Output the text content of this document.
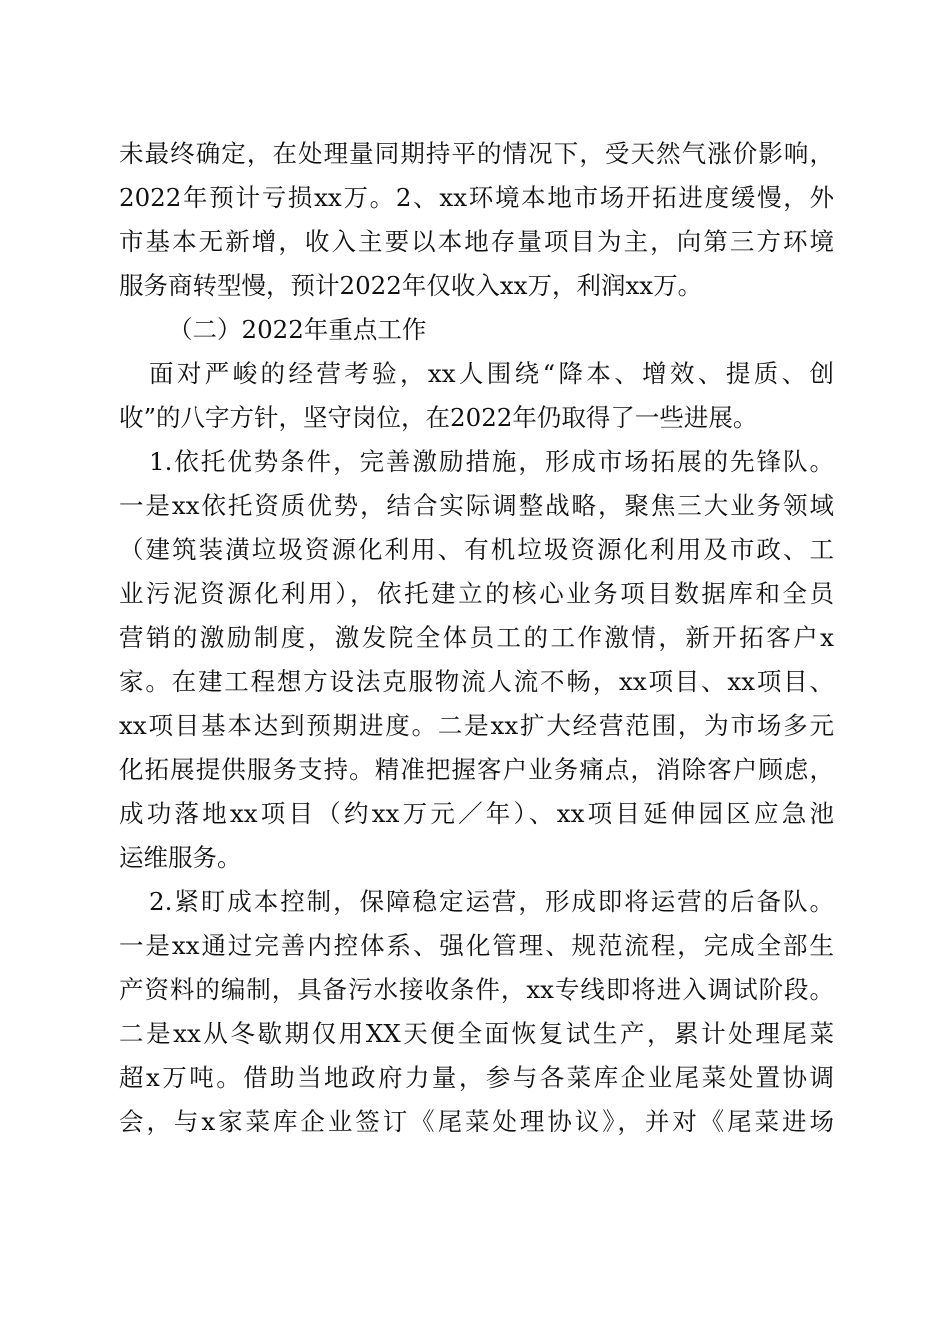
未最终确定，在处理量同期持平的情况下，受天然气涨价影响，
2022年预计亏损xx万。2、xx环境本地市场开拓进度缓慢，外
市基本无新增，收入主要以本地存量项目为主，向第三方环境
服务商转型慢，预计2022年仅收入xx万，利润xx万。
（二）2022年重点工作
面对严峻的经营考验，xx人围绕“降本、增效、提质、创
收”的八字方针，坚守岗位，在2022年仍取得了一些进展。
1.依托优势条件，完善激励措施，形成市场拓展的先锋队。
一是xx依托资质优势，结合实际调整战略，聚焦三大业务领域
（建筑装潢垃圾资源化利用、有机垃圾资源化利用及市政、工
业污泥资源化利用），依托建立的核心业务项目数据库和全员
营销的激励制度，激发院全体员工的工作激情，新开拓客户x
家。在建工程想方设法克服物流人流不畅，xx项目、xx项目、
xx项目基本达到预期进度。二是xx扩大经营范围，为市场多元
化拓展提供服务支持。精准把握客户业务痛点，消除客户顾虑，
成功落地xx项目（约xx万元／年）、xx项目延伸园区应急池
运维服务。
2.紧盯成本控制，保障稳定运营，形成即将运营的后备队。
一是xx通过完善内控体系、强化管理、规范流程，完成全部生
产资料的编制，具备污水接收条件，xx专线即将进入调试阶段。
二是xx从冬歇期仅用XX天便全面恢复试生产，累计处理尾菜
超x万吨。借助当地政府力量，参与各菜库企业尾菜处置协调
会，与x家菜库企业签订《尾菜处理协议》，并对《尾菜进场
